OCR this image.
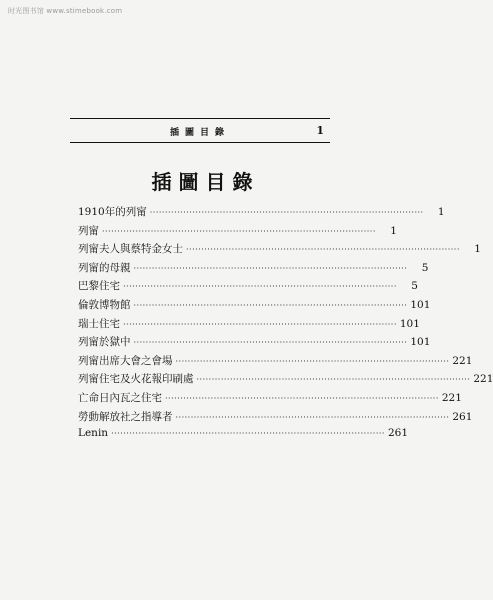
时光图书馆 www.stimebook.com
插圖目錄	1
插圖目錄
1910年的列甯 ··························································································	1
列甯 ··························································································	1
列甯夫人與蔡特金女士 ··························································································	1
列甯的母親 ··························································································	5
巴黎住宅 ··························································································	5
倫敦博物館 ·························································································· 101
瑞士住宅 ·························································································· 101
列甯於獄中 ·························································································· 101
列甯出席大會之會場 ·························································································· 221
列甯住宅及火花報印刷處 ·························································································· 221
亡命日內瓦之住宅 ·························································································· 221
勞動解放社之指導者 ·························································································· 261
Lenin ·························································································· 261
